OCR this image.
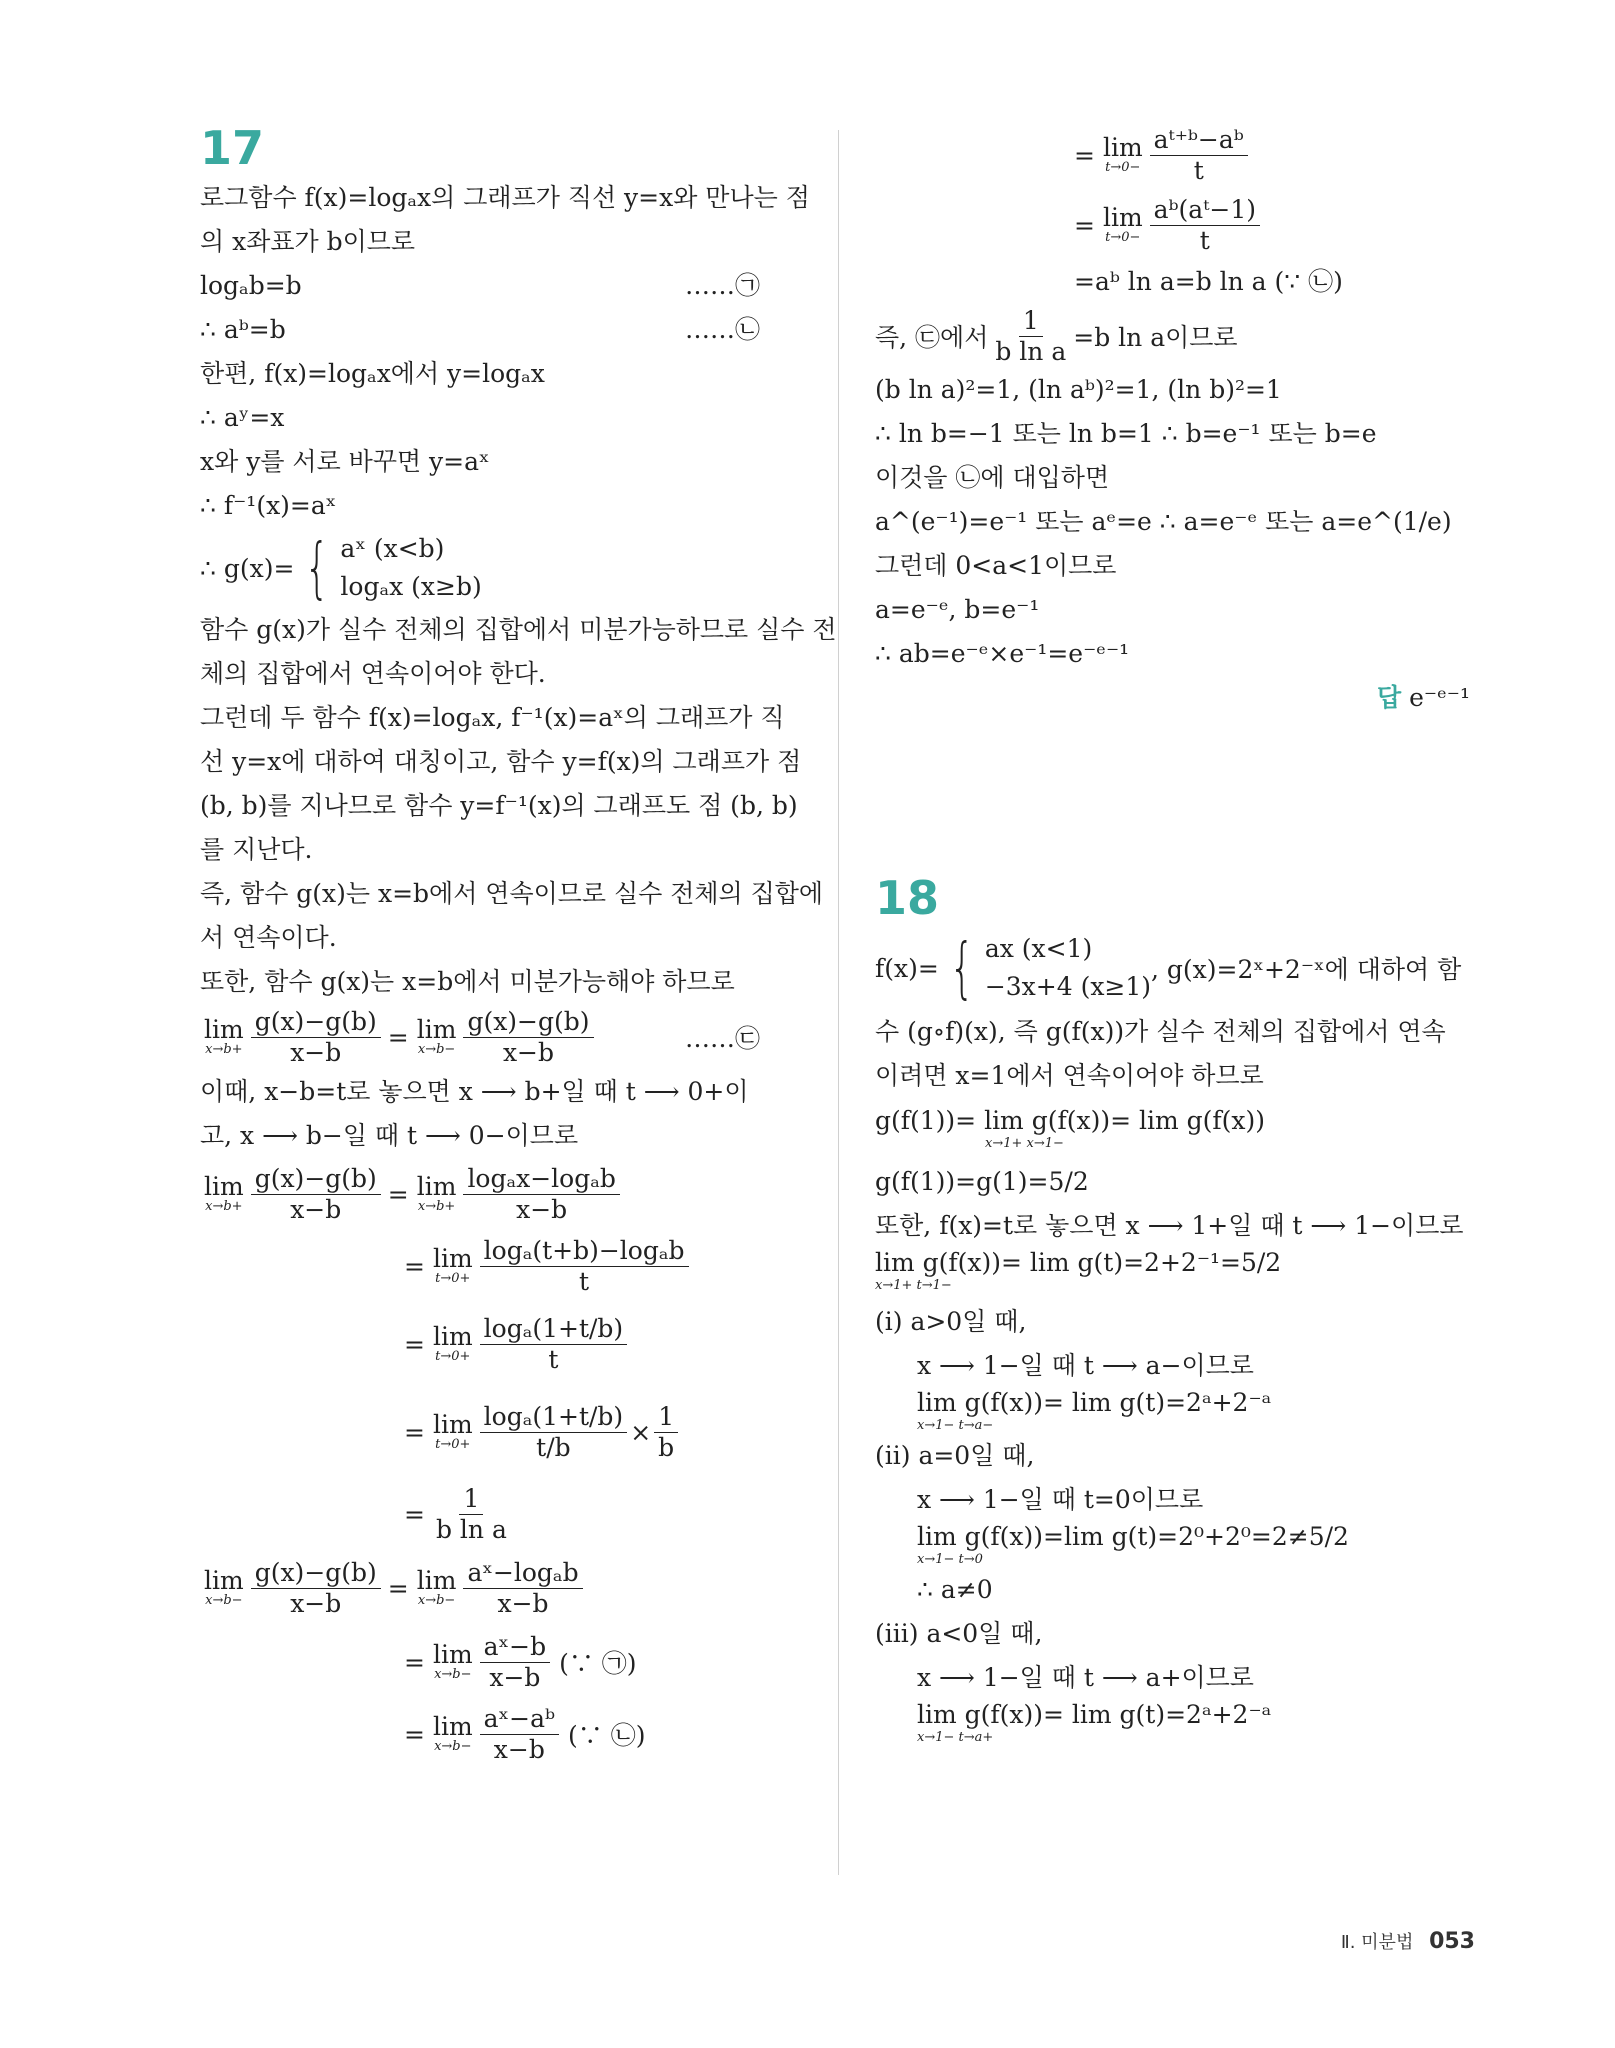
17
로그함수 f(x)=logₐx의 그래프가 직선 y=x와 만나는 점
의 x좌표가 b이므로
logₐb=b	……㉠
∴ aᵇ=b	……㉡
한편, f(x)=logₐx에서 y=logₐx
∴ aʸ=x
x와 y를 서로 바꾸면 y=aˣ
∴ f⁻¹(x)=aˣ
∴ g(x)= { aˣ (x<b)
logₐx (x≥b)
함수 g(x)가 실수 전체의 집합에서 미분가능하므로 실수 전
체의 집합에서 연속이어야 한다.
그런데 두 함수 f(x)=logₐx, f⁻¹(x)=aˣ의 그래프가 직
선 y=x에 대하여 대칭이고, 함수 y=f(x)의 그래프가 점
(b, b)를 지나므로 함수 y=f⁻¹(x)의 그래프도 점 (b, b)
를 지난다.
즉, 함수 g(x)는 x=b에서 연속이므로 실수 전체의 집합에
서 연속이다.
또한, 함수 g(x)는 x=b에서 미분가능해야 하므로
lim
$x\to b+ \frac{g(x)-g(b)}{x-b} = \lim$
$x\to b- \frac{g(x)-g(b)}{x-b}$	……㉢
이때, x−b=t로 놓으면 x ⟶ b+일 때 t ⟶ 0+이
고, x ⟶ b−일 때 t ⟶ 0−이므로
lim
$x\to b+ \frac{g(x)-g(b)}{x-b} = \lim$
$x\to b+ \frac{\text{logₐx−logₐb}}{x-b}$
= lim
$t\to 0+ \frac{\text{logₐ(t+b)−logₐb}}{t}$
= lim
$t\to 0+ \frac{\text{logₐ(1+t/b)}}{t}$
= lim
$t\to 0+ \frac{\text{logₐ(1+t/b)}}{t/b} \times \frac{1}{b}$
= $\frac{1}{\text{b ln a}}$
lim
$x\to b- \frac{g(x)-g(b)}{x-b} = \lim$
$x\to b- \frac{\text{aˣ−logₐb}}{x-b}$
= lim
$x\to b- \frac{\text{aˣ−b}}{x-b}$ (∵ ㉠)
= lim
$x\to b- \frac{\text{aˣ−aᵇ}}{x-b}$ (∵ ㉡)
= lim
$t\to 0- \frac{\text{aᵗ⁺ᵇ−aᵇ}}{t}$
= lim
$t\to 0- \frac{\text{aᵇ(aᵗ−1)}}{t}$
=aᵇ ln a=b ln a (∵ ㉡)
즉, ㉢에서 $\frac{1}{\text{b ln a}} =b$ ln a이므로
(b ln a)²=1, (ln aᵇ)²=1, (ln b)²=1
∴ ln b=−1 또는 ln b=1 ∴ b=e⁻¹ 또는 b=e
이것을 ㉡에 대입하면
a^(e⁻¹)=e⁻¹ 또는 aᵉ=e ∴ a=e⁻ᵉ 또는 a=e^(1/e)
그런데 0<a<1이므로
a=e⁻ᵉ, b=e⁻¹
∴ ab=e⁻ᵉ×e⁻¹=e⁻ᵉ⁻¹
답 e⁻ᵉ⁻¹
18
f(x)= { ax (x<1)
−3x+4 (x≥1)
, g(x)=2ˣ+2⁻ˣ에 대하여 함
수 (g∘f)(x), 즉 g(f(x))가 실수 전체의 집합에서 연속
이려면 x=1에서 연속이어야 하므로
g(f(1))= lim g(f(x))= lim g(f(x))
x→1+ x→1−
g(f(1))=g(1)=5/2
또한, f(x)=t로 놓으면 x ⟶ 1+일 때 t ⟶ 1−이므로
lim g(f(x))= lim g(t)=2+2⁻¹=5/2
x→1+ t→1−
(i) a>0일 때,
x ⟶ 1−일 때 t ⟶ a−이므로
lim g(f(x))= lim g(t)=2ᵃ+2⁻ᵃ
x→1− t→a−
(ii) a=0일 때,
x ⟶ 1−일 때 t=0이므로
lim g(f(x))=lim g(t)=2⁰+2⁰=2≠5/2
x→1− t→0
∴ a≠0
(iii) a<0일 때,
x ⟶ 1−일 때 t ⟶ a+이므로
lim g(f(x))= lim g(t)=2ᵃ+2⁻ᵃ
x→1− t→a+
Ⅱ. 미분법 053
